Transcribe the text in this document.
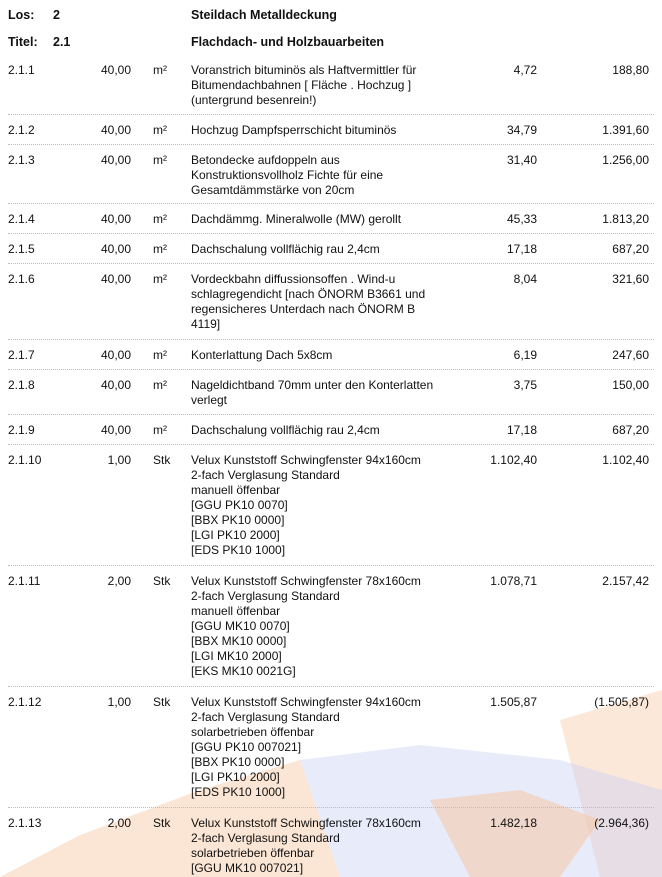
Los: 2	Steildach Metalldeckung
Titel: 2.1	Flachdach- und Holzbauarbeiten
2.1.1	40,00 m²	4,72	188,80
Voranstrich bituminös als Haftvermittler für
Bitumendachbahnen [ Fläche . Hochzug ]
(untergrund besenrein!)
2.1.2	40,00 m²	34,79	1.391,60
Hochzug Dampfsperrschicht bituminös
2.1.3	40,00 m²	31,40	1.256,00
Betondecke aufdoppeln aus
Konstruktionsvollholz Fichte für eine
Gesamtdämmstärke von 20cm
2.1.4	40,00 m²	45,33	1.813,20
Dachdämmg. Mineralwolle (MW) gerollt
2.1.5	40,00 m²	17,18	687,20
Dachschalung vollflächig rau 2,4cm
2.1.6	40,00 m²	8,04	321,60
Vordeckbahn diffussionsoffen . Wind-u
schlagregendicht [nach ÖNORM B3661 und
regensicheres Unterdach nach ÖNORM B
4119]
2.1.7	40,00 m²	6,19	247,60
Konterlattung Dach 5x8cm
2.1.8	40,00 m²	3,75	150,00
Nageldichtband 70mm unter den Konterlatten
verlegt
2.1.9	40,00 m²	17,18	687,20
Dachschalung vollflächig rau 2,4cm
2.1.10	1,00 Stk	1.102,40	1.102,40
Velux Kunststoff Schwingfenster 94x160cm
2-fach Verglasung Standard
manuell öffenbar
[GGU PK10 0070]
[BBX PK10 0000]
[LGI PK10 2000]
[EDS PK10 1000]
2.1.11	2,00 Stk	1.078,71	2.157,42
Velux Kunststoff Schwingfenster 78x160cm
2-fach Verglasung Standard
manuell öffenbar
[GGU MK10 0070]
[BBX MK10 0000]
[LGI MK10 2000]
[EKS MK10 0021G]
2.1.12	1,00 Stk	1.505,87	(1.505,87)
Velux Kunststoff Schwingfenster 94x160cm
2-fach Verglasung Standard
solarbetrieben öffenbar
[GGU PK10 007021]
[BBX PK10 0000]
[LGI PK10 2000]
[EDS PK10 1000]
2.1.13	2,00 Stk	1.482,18	(2.964,36)
Velux Kunststoff Schwingfenster 78x160cm
2-fach Verglasung Standard
solarbetrieben öffenbar
[GGU MK10 007021]
